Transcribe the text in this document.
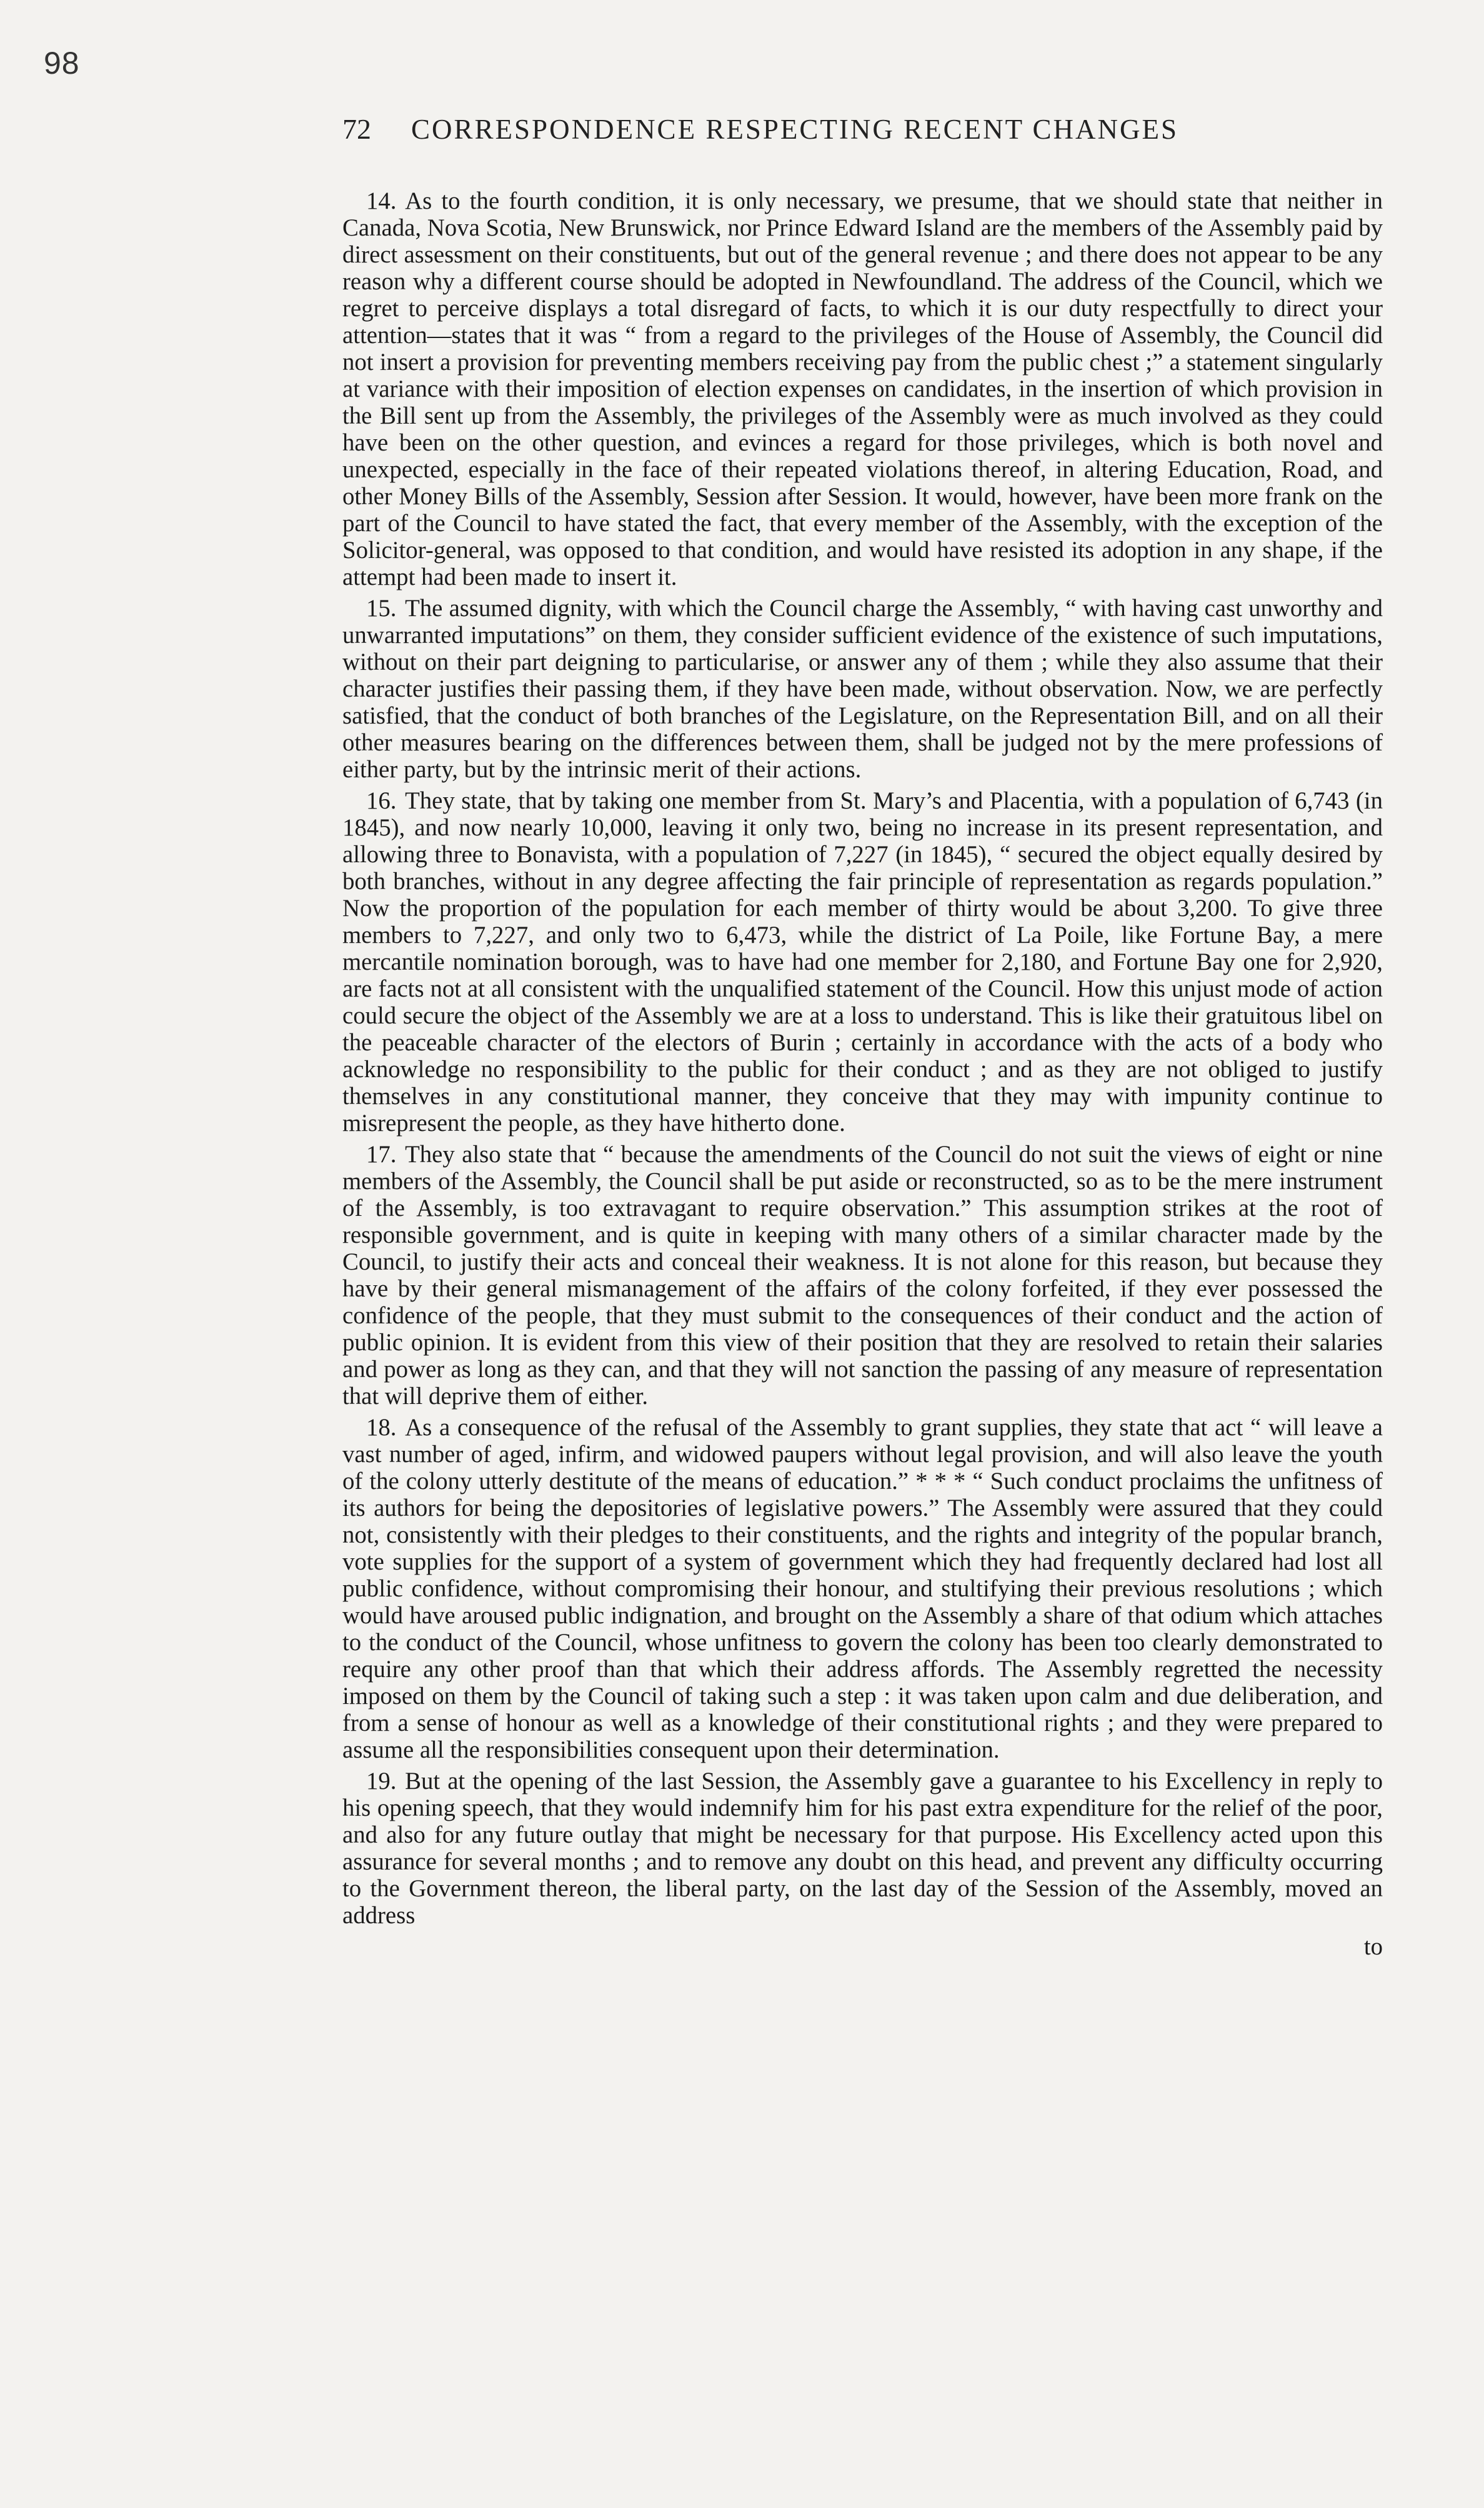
98
72	CORRESPONDENCE RESPECTING RECENT CHANGES

14. As to the fourth condition, it is only necessary, we presume, that we should state that neither in Canada, Nova Scotia, New Brunswick, nor Prince Edward Island are the members of the Assembly paid by direct assessment on their constituents, but out of the general revenue ; and there does not appear to be any reason why a different course should be adopted in Newfoundland. The address of the Council, which we regret to perceive displays a total disregard of facts, to which it is our duty respectfully to direct your attention—states that it was “ from a regard to the privileges of the House of Assembly, the Council did not insert a provision for preventing members receiving pay from the public chest ;” a statement singularly at variance with their imposition of election expenses on candidates, in the insertion of which provision in the Bill sent up from the Assembly, the privileges of the Assembly were as much involved as they could have been on the other question, and evinces a regard for those privileges, which is both novel and unexpected, especially in the face of their repeated violations thereof, in altering Education, Road, and other Money Bills of the Assembly, Session after Session. It would, however, have been more frank on the part of the Council to have stated the fact, that every member of the Assembly, with the exception of the Solicitor-general, was opposed to that condition, and would have resisted its adoption in any shape, if the attempt had been made to insert it.

15. The assumed dignity, with which the Council charge the Assembly, “ with having cast unworthy and unwarranted imputations” on them, they consider sufficient evidence of the existence of such imputations, without on their part deigning to particularise, or answer any of them ; while they also assume that their character justifies their passing them, if they have been made, without observation. Now, we are perfectly satisfied, that the conduct of both branches of the Legislature, on the Representation Bill, and on all their other measures bearing on the differences between them, shall be judged not by the mere professions of either party, but by the intrinsic merit of their actions.

16. They state, that by taking one member from St. Mary’s and Placentia, with a population of 6,743 (in 1845), and now nearly 10,000, leaving it only two, being no increase in its present representation, and allowing three to Bonavista, with a population of 7,227 (in 1845), “ secured the object equally desired by both branches, without in any degree affecting the fair principle of representation as regards population.” Now the proportion of the population for each member of thirty would be about 3,200. To give three members to 7,227, and only two to 6,473, while the district of La Poile, like Fortune Bay, a mere mercantile nomination borough, was to have had one member for 2,180, and Fortune Bay one for 2,920, are facts not at all consistent with the unqualified statement of the Council. How this unjust mode of action could secure the object of the Assembly we are at a loss to understand. This is like their gratuitous libel on the peaceable character of the electors of Burin ; certainly in accordance with the acts of a body who acknowledge no responsibility to the public for their conduct ; and as they are not obliged to justify themselves in any constitutional manner, they conceive that they may with impunity continue to misrepresent the people, as they have hitherto done.

17. They also state that “ because the amendments of the Council do not suit the views of eight or nine members of the Assembly, the Council shall be put aside or reconstructed, so as to be the mere instrument of the Assembly, is too extravagant to require observation.” This assumption strikes at the root of responsible government, and is quite in keeping with many others of a similar character made by the Council, to justify their acts and conceal their weakness. It is not alone for this reason, but because they have by their general mismanagement of the affairs of the colony forfeited, if they ever possessed the confidence of the people, that they must submit to the consequences of their conduct and the action of public opinion. It is evident from this view of their position that they are resolved to retain their salaries and power as long as they can, and that they will not sanction the passing of any measure of representation that will deprive them of either.

18. As a consequence of the refusal of the Assembly to grant supplies, they state that act “ will leave a vast number of aged, infirm, and widowed paupers without legal provision, and will also leave the youth of the colony utterly destitute of the means of education.” * * * “ Such conduct proclaims the unfitness of its authors for being the depositories of legislative powers.” The Assembly were assured that they could not, consistently with their pledges to their constituents, and the rights and integrity of the popular branch, vote supplies for the support of a system of government which they had frequently declared had lost all public confidence, without compromising their honour, and stultifying their previous resolutions ; which would have aroused public indignation, and brought on the Assembly a share of that odium which attaches to the conduct of the Council, whose unfitness to govern the colony has been too clearly demonstrated to require any other proof than that which their address affords. The Assembly regretted the necessity imposed on them by the Council of taking such a step : it was taken upon calm and due deliberation, and from a sense of honour as well as a knowledge of their constitutional rights ; and they were prepared to assume all the responsibilities consequent upon their determination.

19. But at the opening of the last Session, the Assembly gave a guarantee to his Excellency in reply to his opening speech, that they would indemnify him for his past extra expenditure for the relief of the poor, and also for any future outlay that might be necessary for that purpose. His Excellency acted upon this assurance for several months ; and to remove any doubt on this head, and prevent any difficulty occurring to the Government thereon, the liberal party, on the last day of the Session of the Assembly, moved an address

to
